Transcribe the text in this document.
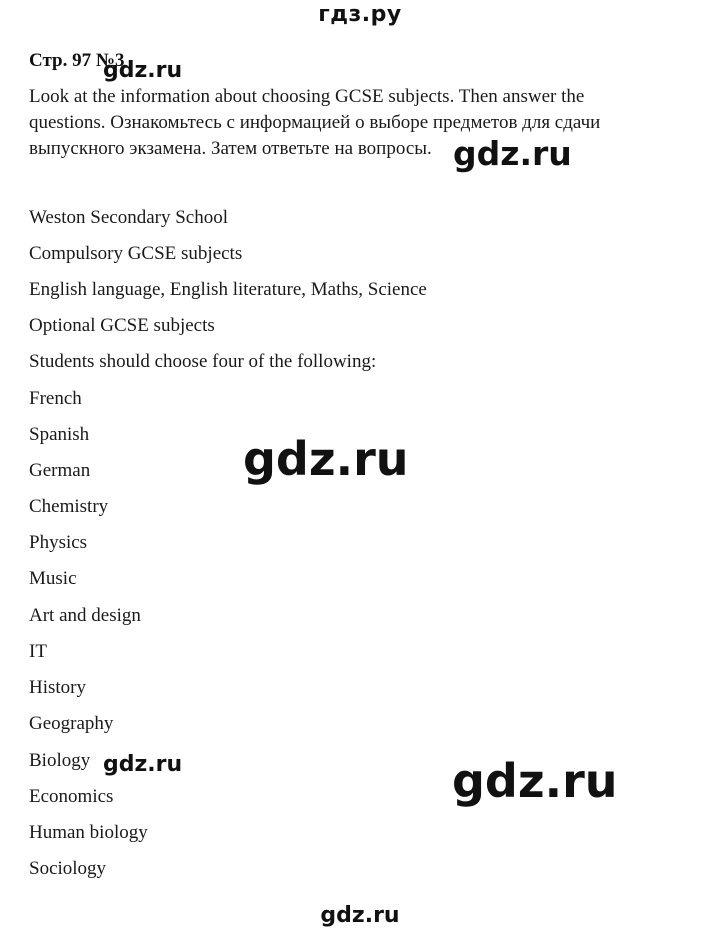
гдз.ру
Стр. 97 №3
Look at the information about choosing GCSE subjects. Then answer the
questions. Ознакомьтесь с информацией о выборе предметов для сдачи
выпускного экзамена. Затем ответьте на вопросы.
Weston Secondary School
Compulsory GCSE subjects
English language, English literature, Maths, Science
Optional GCSE subjects
Students should choose four of the following:
French
Spanish
German
Chemistry
Physics
Music
Art and design
IT
History
Geography
Biology
Economics
Human biology
Sociology
gdz.ru
gdz.ru
gdz.ru
gdz.ru	gdz.ru
gdz.ru
